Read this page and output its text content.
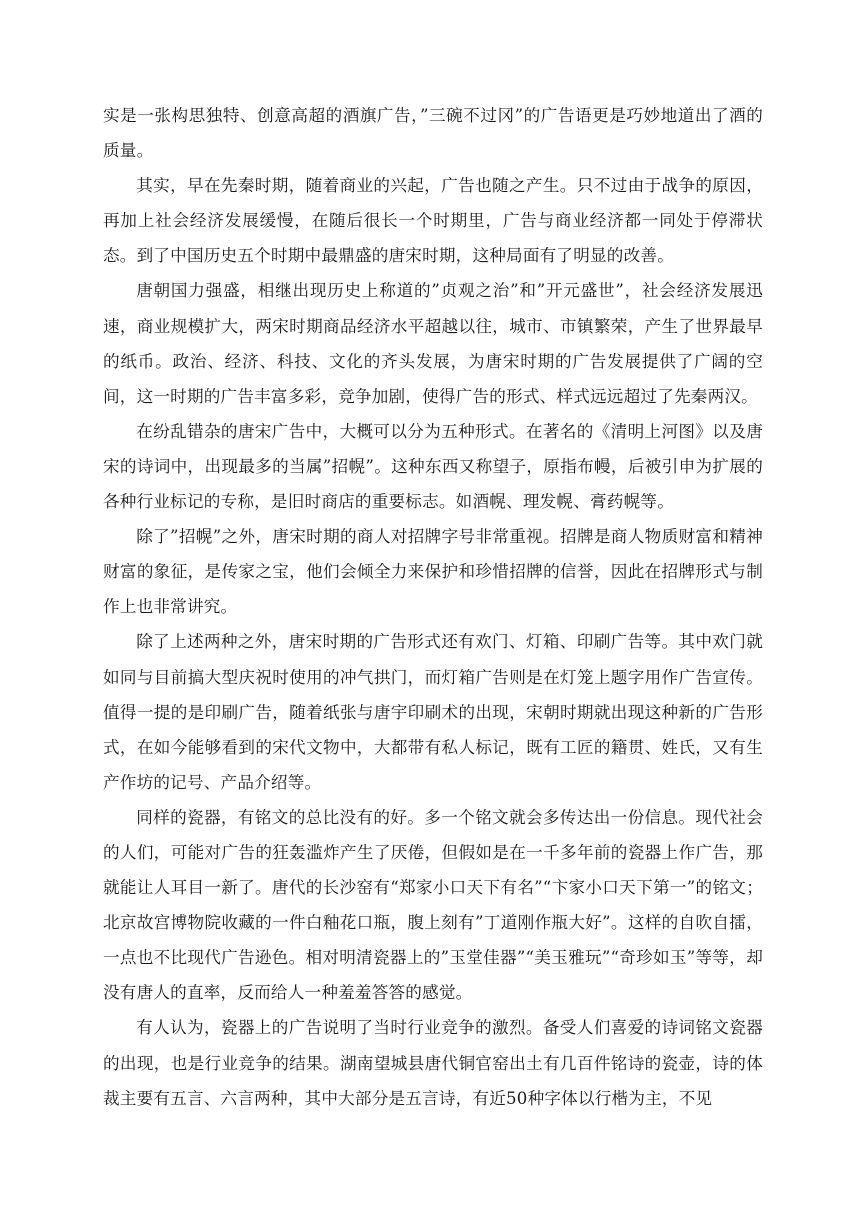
实是一张构思独特、创意高超的酒旗广告，”三碗不过冈”的广告语更是巧妙地道出了酒的质量。

其实，早在先秦时期，随着商业的兴起，广告也随之产生。只不过由于战争的原因，再加上社会经济发展缓慢，在随后很长一个时期里，广告与商业经济都一同处于停滞状态。到了中国历史五个时期中最鼎盛的唐宋时期，这种局面有了明显的改善。

唐朝国力强盛，相继出现历史上称道的”贞观之治”和”开元盛世”，社会经济发展迅速，商业规模扩大，两宋时期商品经济水平超越以往，城市、市镇繁荣，产生了世界最早的纸币。政治、经济、科技、文化的齐头发展，为唐宋时期的广告发展提供了广阔的空间，这一时期的广告丰富多彩，竞争加剧，使得广告的形式、样式远远超过了先秦两汉。

在纷乱错杂的唐宋广告中，大概可以分为五种形式。在著名的《清明上河图》以及唐宋的诗词中，出现最多的当属”招幌”。这种东西又称望子，原指布幔，后被引申为扩展的各种行业标记的专称，是旧时商店的重要标志。如酒幌、理发幌、膏药幌等。

除了”招幌”之外，唐宋时期的商人对招牌字号非常重视。招牌是商人物质财富和精神财富的象征，是传家之宝，他们会倾全力来保护和珍惜招牌的信誉，因此在招牌形式与制作上也非常讲究。

除了上述两种之外，唐宋时期的广告形式还有欢门、灯箱、印刷广告等。其中欢门就如同与目前搞大型庆祝时使用的冲气拱门，而灯箱广告则是在灯笼上题字用作广告宣传。值得一提的是印刷广告，随着纸张与唐宇印刷术的出现，宋朝时期就出现这种新的广告形式，在如今能够看到的宋代文物中，大都带有私人标记，既有工匠的籍贯、姓氏，又有生产作坊的记号、产品介绍等。

同样的瓷器，有铭文的总比没有的好。多一个铭文就会多传达出一份信息。现代社会的人们，可能对广告的狂轰滥炸产生了厌倦，但假如是在一千多年前的瓷器上作广告，那就能让人耳目一新了。唐代的长沙窑有“郑家小口天下有名”“卞家小口天下第一”的铭文；北京故宫博物院收藏的一件白釉花口瓶，腹上刻有”丁道刚作瓶大好”。这样的自吹自擂，一点也不比现代广告逊色。相对明清瓷器上的”玉堂佳器”“美玉雅玩”“奇珍如玉”等等，却没有唐人的直率，反而给人一种羞羞答答的感觉。

有人认为，瓷器上的广告说明了当时行业竞争的激烈。备受人们喜爱的诗词铭文瓷器的出现，也是行业竞争的结果。湖南望城县唐代铜官窑出土有几百件铭诗的瓷壶，诗的体裁主要有五言、六言两种，其中大部分是五言诗，有近50种字体以行楷为主，不见
